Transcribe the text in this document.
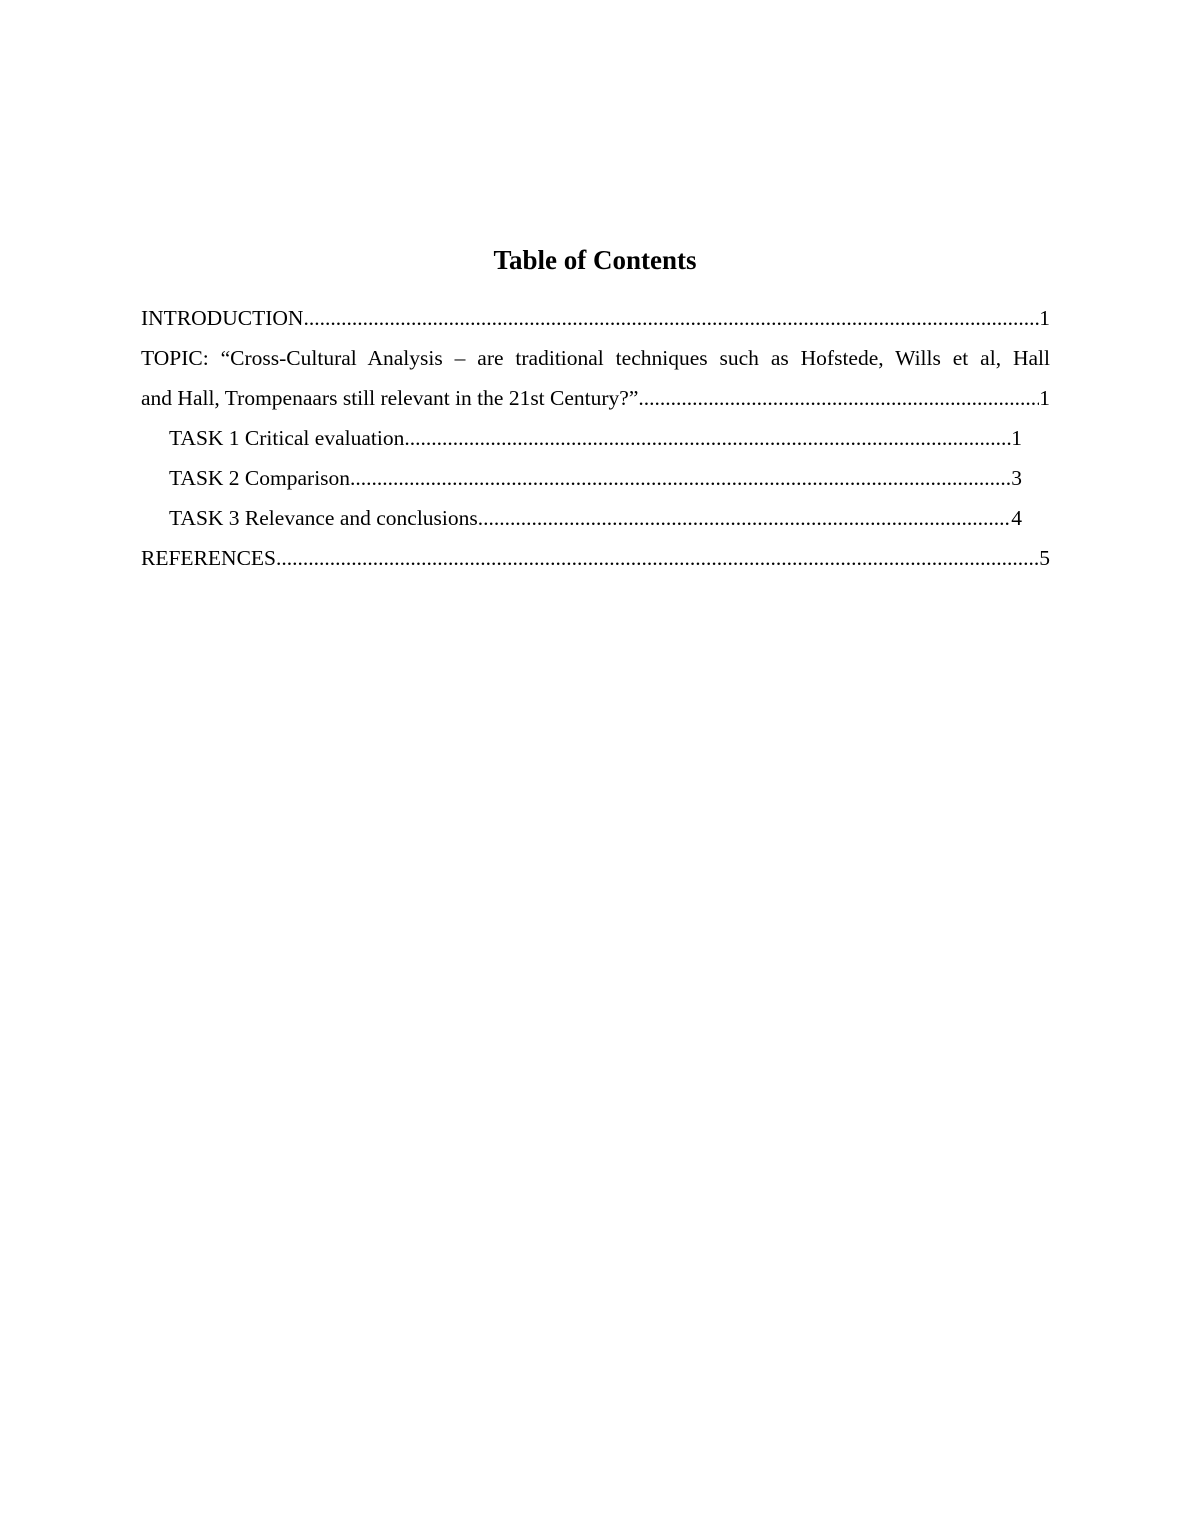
Table of Contents
INTRODUCTION .....	1
TOPIC: “Cross-Cultural Analysis – are traditional techniques such as Hofstede, Wills et al, Hall
and Hall, Trompenaars still relevant in the 21st Century?” .....	1
TASK 1 Critical evaluation .....	1
TASK 2 Comparison .....	3
TASK 3 Relevance and conclusions .....	4
REFERENCES .....	5
